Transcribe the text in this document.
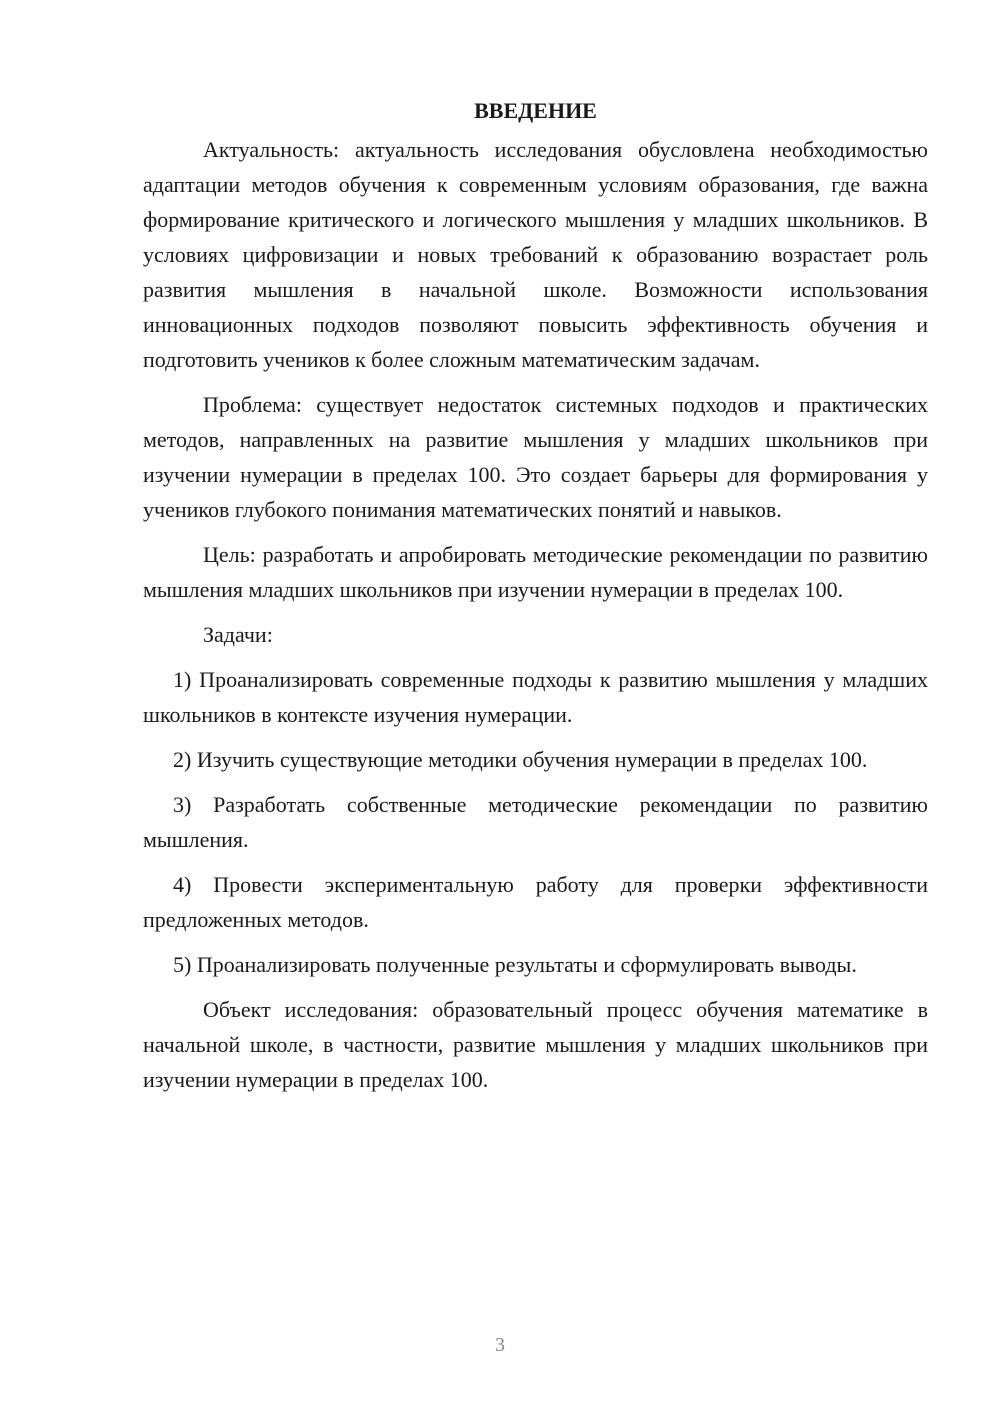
ВВЕДЕНИЕ

Актуальность: актуальность исследования обусловлена необходимостью адаптации методов обучения к современным условиям образования, где важна формирование критического и логического мышления у младших школьников. В условиях цифровизации и новых требований к образованию возрастает роль развития мышления в начальной школе. Возможности использования инновационных подходов позволяют повысить эффективность обучения и подготовить учеников к более сложным математическим задачам.

Проблема: существует недостаток системных подходов и практических методов, направленных на развитие мышления у младших школьников при изучении нумерации в пределах 100. Это создает барьеры для формирования у учеников глубокого понимания математических понятий и навыков.

Цель: разработать и апробировать методические рекомендации по развитию мышления младших школьников при изучении нумерации в пределах 100.

Задачи:

1) Проанализировать современные подходы к развитию мышления у младших школьников в контексте изучения нумерации.

2) Изучить существующие методики обучения нумерации в пределах 100.

3) Разработать собственные методические рекомендации по развитию мышления.

4) Провести экспериментальную работу для проверки эффективности предложенных методов.

5) Проанализировать полученные результаты и сформулировать выводы.

Объект исследования: образовательный процесс обучения математике в начальной школе, в частности, развитие мышления у младших школьников при изучении нумерации в пределах 100.

3
